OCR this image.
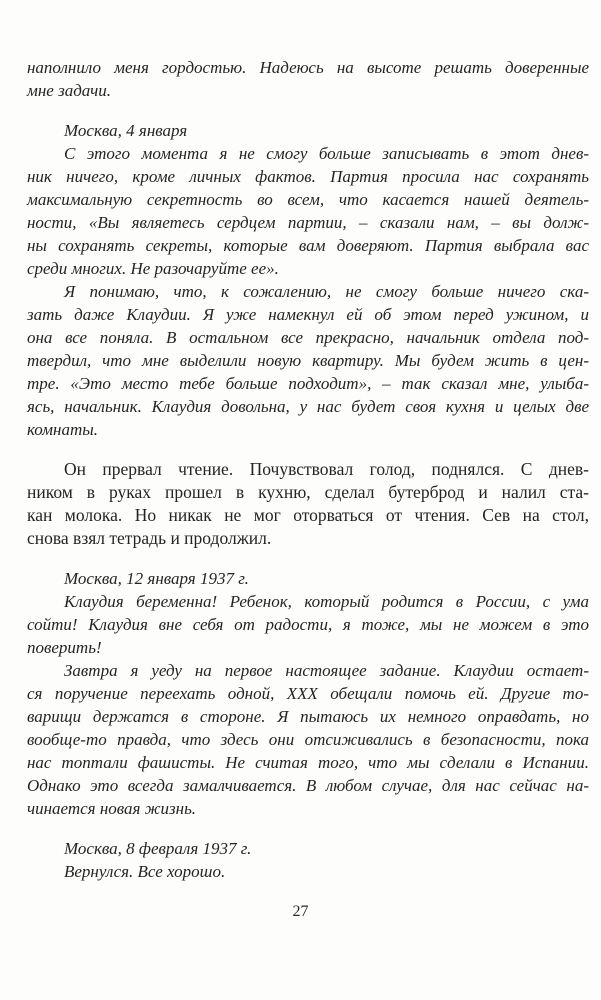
наполнило меня гордостью. Надеюсь на высоте решать доверенные
мне задачи.

Москва, 4 января

С этого момента я не смогу больше записывать в этот днев-
ник ничего, кроме личных фактов. Партия просила нас сохранять
максимальную секретность во всем, что касается нашей деятель-
ности, «Вы являетесь сердцем партии, – сказали нам, – вы долж-
ны сохранять секреты, которые вам доверяют. Партия выбрала вас
среди многих. Не разочаруйте ее».

Я понимаю, что, к сожалению, не смогу больше ничего ска-
зать даже Клаудии. Я уже намекнул ей об этом перед ужином, и
она все поняла. В остальном все прекрасно, начальник отдела под-
твердил, что мне выделили новую квартиру. Мы будем жить в цен-
тре. «Это место тебе больше подходит», – так сказал мне, улыба-
ясь, начальник. Клаудия довольна, у нас будет своя кухня и целых две
комнаты.

Он прервал чтение. Почувствовал голод, поднялся. С днев-
ником в руках прошел в кухню, сделал бутерброд и налил ста-
кан молока. Но никак не мог оторваться от чтения. Сев на стол,
снова взял тетрадь и продолжил.

Москва, 12 января 1937 г.

Клаудия беременна! Ребенок, который родится в России, с ума
сойти! Клаудия вне себя от радости, я тоже, мы не можем в это
поверить!

Завтра я уеду на первое настоящее задание. Клаудии остает-
ся поручение переехать одной, XXX обещали помочь ей. Другие то-
варищи держатся в стороне. Я пытаюсь их немного оправдать, но
вообще-то правда, что здесь они отсиживались в безопасности, пока
нас топтали фашисты. Не считая того, что мы сделали в Испании.
Однако это всегда замалчивается. В любом случае, для нас сейчас на-
чинается новая жизнь.

Москва, 8 февраля 1937 г.

Вернулся. Все хорошо.

27
